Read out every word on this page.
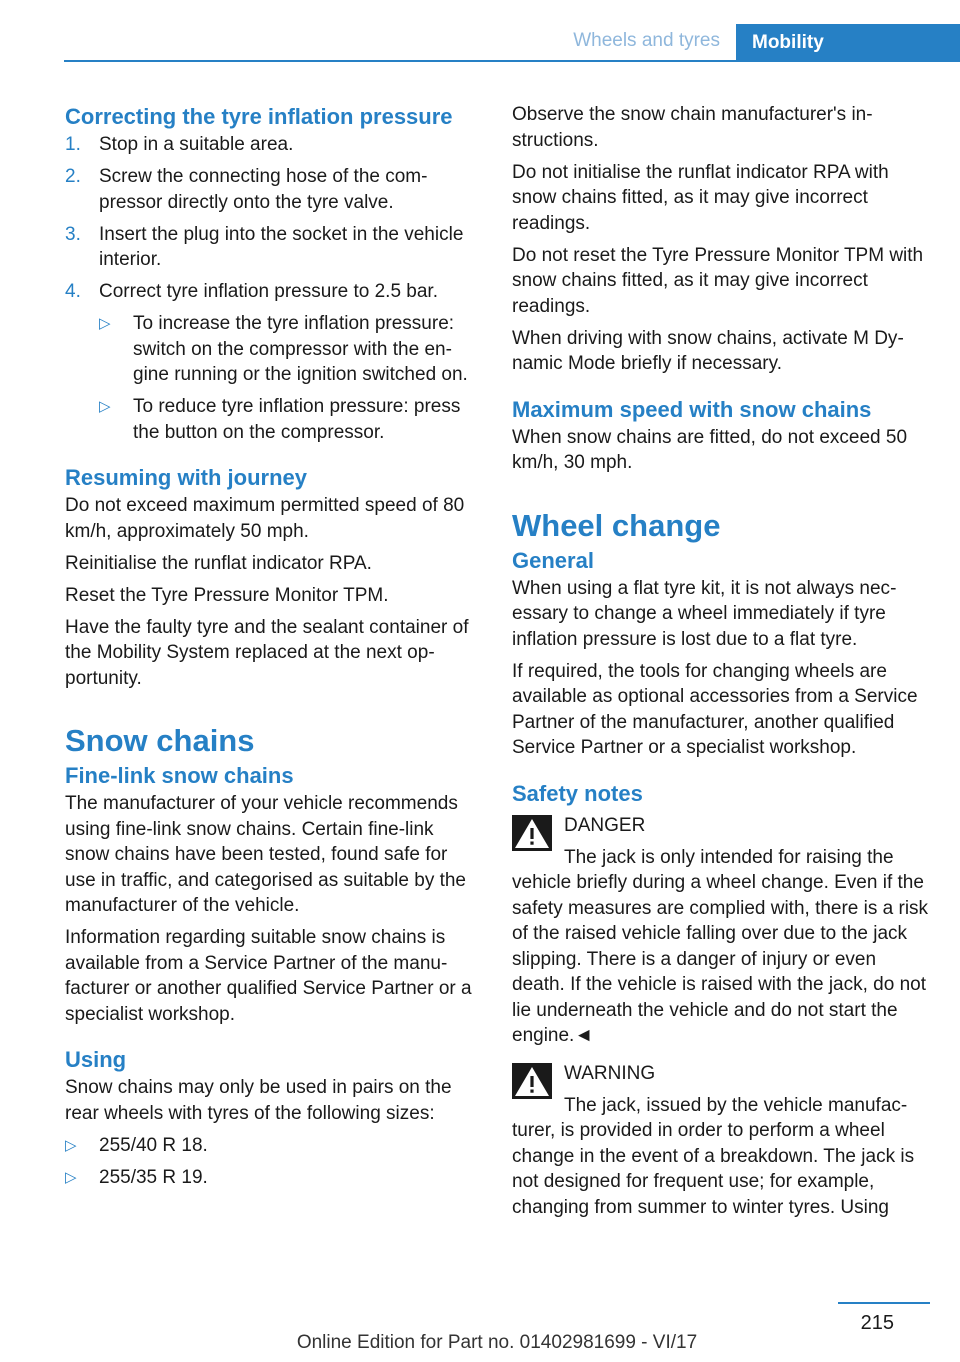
Wheels and tyres	Mobility
Correcting the tyre inflation pressure
1. Stop in a suitable area.
2. Screw the connecting hose of the compressor directly onto the tyre valve.
3. Insert the plug into the socket in the vehicle interior.
4. Correct tyre inflation pressure to 2.5 bar.
▷	To increase the tyre inflation pressure: switch on the compressor with the engine running or the ignition switched on.
▷	To reduce tyre inflation pressure: press the button on the compressor.
Resuming with journey

Do not exceed maximum permitted speed of 80 km/h, approximately 50 mph.

Reinitialise the runflat indicator RPA.

Reset the Tyre Pressure Monitor TPM.

Have the faulty tyre and the sealant container of the Mobility System replaced at the next opportunity.

Snow chains
Fine-link snow chains

The manufacturer of your vehicle recommends using fine-link snow chains. Certain fine-link snow chains have been tested, found safe for use in traffic, and categorised as suitable by the manufacturer of the vehicle.

Information regarding suitable snow chains is available from a Service Partner of the manufacturer or another qualified Service Partner or a specialist workshop.

Using

Snow chains may only be used in pairs on the rear wheels with tyres of the following sizes:

▷	255/40 R 18.
▷	255/35 R 19.

Observe the snow chain manufacturer's instructions.

Do not initialise the runflat indicator RPA with snow chains fitted, as it may give incorrect readings.

Do not reset the Tyre Pressure Monitor TPM with snow chains fitted, as it may give incorrect readings.

When driving with snow chains, activate M Dynamic Mode briefly if necessary.

Maximum speed with snow chains

When snow chains are fitted, do not exceed 50 km/h, 30 mph.

Wheel change
General

When using a flat tyre kit, it is not always necessary to change a wheel immediately if tyre inflation pressure is lost due to a flat tyre.

If required, the tools for changing wheels are available as optional accessories from a Service Partner of the manufacturer, another qualified Service Partner or a specialist workshop.

Safety notes

DANGER

The jack is only intended for raising the vehicle briefly during a wheel change. Even if the safety measures are complied with, there is a risk of the raised vehicle falling over due to the jack slipping. There is a danger of injury or even death. If the vehicle is raised with the jack, do not lie underneath the vehicle and do not start the engine.◄

WARNING

The jack, issued by the vehicle manufacturer, is provided in order to perform a wheel change in the event of a breakdown. The jack is not designed for frequent use; for example, changing from summer to winter tyres. Using

215
Online Edition for Part no. 01402981699 - VI/17
